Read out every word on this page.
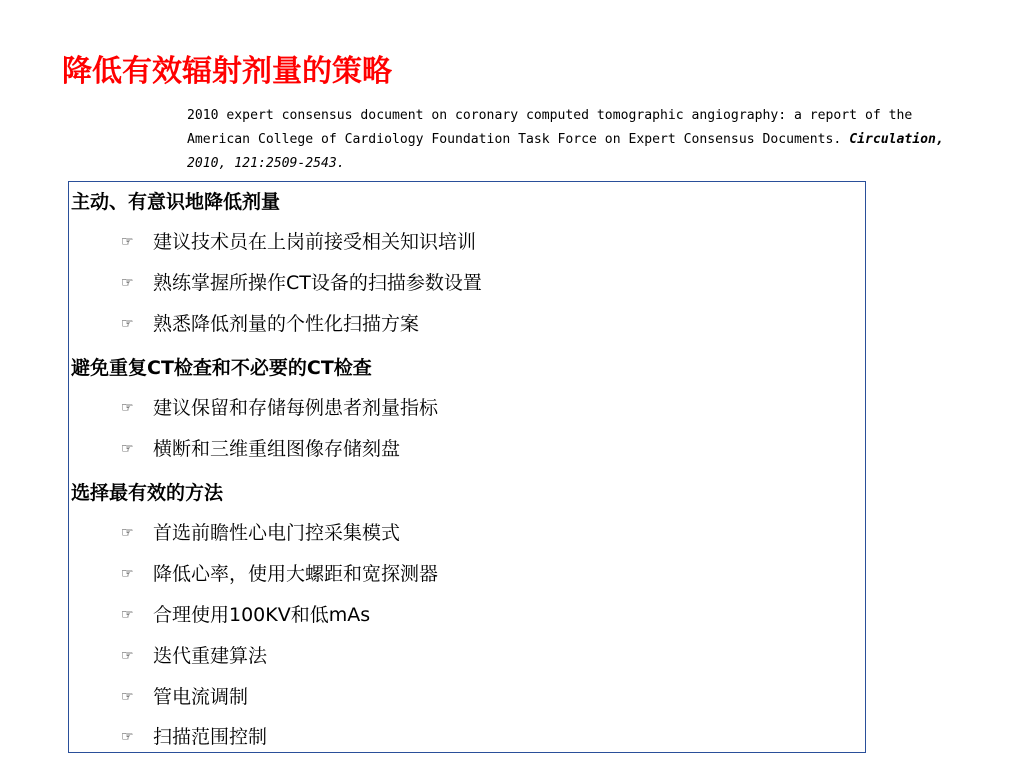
降低有效辐射剂量的策略
2010 expert consensus document on coronary computed tomographic angiography: a report of the
American College of Cardiology Foundation Task Force on Expert Consensus Documents. Circulation,
2010, 121:2509-2543.
主动、有意识地降低剂量
☞	建议技术员在上岗前接受相关知识培训
☞	熟练掌握所操作CT设备的扫描参数设置
☞	熟悉降低剂量的个性化扫描方案
避免重复CT检查和不必要的CT检查
☞	建议保留和存储每例患者剂量指标
☞	横断和三维重组图像存储刻盘
选择最有效的方法
☞	首选前瞻性心电门控采集模式
☞	降低心率，使用大螺距和宽探测器
☞	合理使用100KV和低mAs
☞	迭代重建算法
☞	管电流调制
☞	扫描范围控制
